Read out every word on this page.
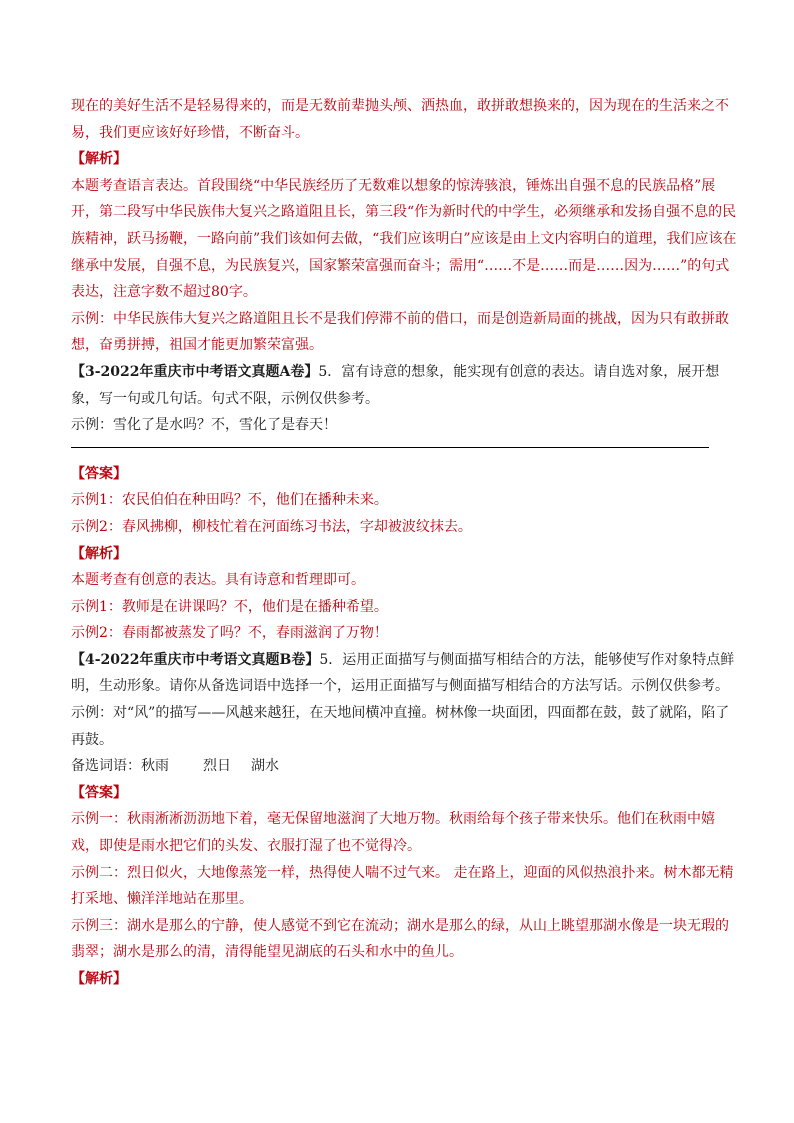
现在的美好生活不是轻易得来的，而是无数前辈抛头颅、洒热血，敢拼敢想换来的，因为现在的生活来之不易，我们更应该好好珍惜，不断奋斗。

【解析】

本题考查语言表达。首段围绕“中华民族经历了无数难以想象的惊涛骇浪，锤炼出自强不息的民族品格”展开，第二段写中华民族伟大复兴之路道阻且长，第三段“作为新时代的中学生，必须继承和发扬自强不息的民族精神，跃马扬鞭，一路向前”我们该如何去做，“我们应该明白”应该是由上文内容明白的道理，我们应该在继承中发展，自强不息，为民族复兴，国家繁荣富强而奋斗；需用“……不是……而是……因为……”的句式表达，注意字数不超过80字。

示例：中华民族伟大复兴之路道阻且长不是我们停滞不前的借口，而是创造新局面的挑战，因为只有敢拼敢想，奋勇拼搏，祖国才能更加繁荣富强。

【3-2022年重庆市中考语文真题A卷】5．富有诗意的想象，能实现有创意的表达。请自选对象，展开想象，写一句或几句话。句式不限，示例仅供参考。

示例：雪化了是水吗？不，雪化了是春天！

【答案】

示例1：农民伯伯在种田吗？不，他们在播种未来。

示例2：春风拂柳，柳枝忙着在河面练习书法，字却被波纹抹去。

【解析】

本题考查有创意的表达。具有诗意和哲理即可。

示例1：教师是在讲课吗？不，他们是在播种希望。

示例2：春雨都被蒸发了吗？不，春雨滋润了万物！

【4-2022年重庆市中考语文真题B卷】5．运用正面描写与侧面描写相结合的方法，能够使写作对象特点鲜明，生动形象。请你从备选词语中选择一个，运用正面描写与侧面描写相结合的方法写话。示例仅供参考。

示例：对“风”的描写——风越来越狂，在天地间横冲直撞。树林像一块面团，四面都在鼓，鼓了就陷，陷了再鼓。

备选词语：秋雨 烈日 湖水

【答案】

示例一：秋雨淅淅沥沥地下着，毫无保留地滋润了大地万物。秋雨给每个孩子带来快乐。他们在秋雨中嬉戏，即使是雨水把它们的头发、衣服打湿了也不觉得冷。

示例二：烈日似火，大地像蒸笼一样，热得使人喘不过气来。 走在路上，迎面的风似热浪扑来。树木都无精打采地、懒洋洋地站在那里。

示例三：湖水是那么的宁静，使人感觉不到它在流动；湖水是那么的绿，从山上眺望那湖水像是一块无瑕的翡翠；湖水是那么的清，清得能望见湖底的石头和水中的鱼儿。

【解析】
